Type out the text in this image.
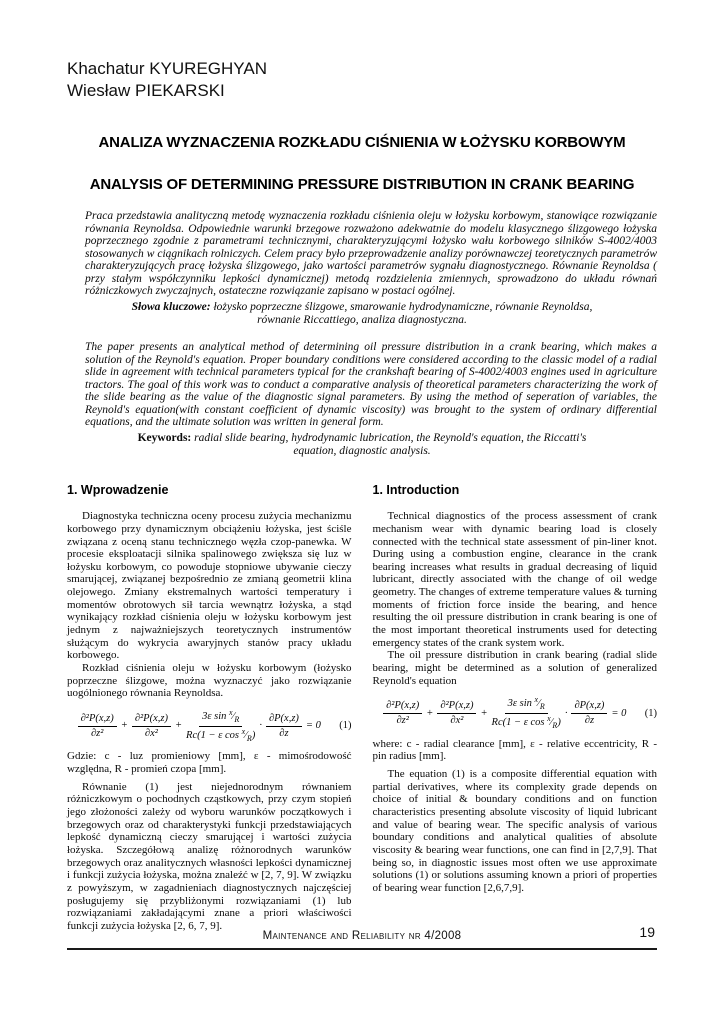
Khachatur KYUREGHYAN
Wiesław PIEKARSKI
ANALIZA WYZNACZENIA ROZKŁADU CIŚNIENIA W ŁOŻYSKU KORBOWYM
ANALYSIS OF DETERMINING PRESSURE DISTRIBUTION IN CRANK BEARING
Praca przedstawia analityczną metodę wyznaczenia rozkładu ciśnienia oleju w łożysku korbowym, stanowiące rozwiązanie równania Reynoldsa. Odpowiednie warunki brzegowe rozważono adekwatnie do modelu klasycznego ślizgowego łożyska poprzecznego zgodnie z parametrami technicznymi, charakteryzującymi łożysko wału korbowego silników S-4002/4003 stosowanych w ciągnikach rolniczych. Celem pracy było przeprowadzenie analizy porównawczej teoretycznych parametrów charakteryzujących pracę łożyska ślizgowego, jako wartości parametrów sygnału diagnostycznego. Równanie Reynoldsa ( przy stałym współczynniku lepkości dynamicznej) metodą rozdzielenia zmiennych, sprowadzono do układu równań różniczkowych zwyczajnych, ostateczne rozwiązanie zapisano w postaci ogólnej.
Słowa kluczowe: łożysko poprzeczne ślizgowe, smarowanie hydrodynamiczne, równanie Reynoldsa,
równanie Riccattiego, analiza diagnostyczna.
The paper presents an analytical method of determining oil pressure distribution in a crank bearing, which makes a solution of the Reynold's equation. Proper boundary conditions were considered according to the classic model of a radial slide in agreement with technical parameters typical for the crankshaft bearing of S-4002/4003 engines used in agriculture tractors. The goal of this work was to conduct a comparative analysis of theoretical parameters characterizing the work of the slide bearing as the value of the diagnostic signal parameters. By using the method of seperation of variables, the Reynold's equation(with constant coefficient of dynamic viscosity) was brought to the system of ordinary differential equations, and the ultimate solution was written in general form.
Keywords: radial slide bearing, hydrodynamic lubrication, the Reynold's equation, the Riccatti's
equation, diagnostic analysis.
1. Wprowadzenie

Diagnostyka techniczna oceny procesu zużycia mechanizmu korbowego przy dynamicznym obciążeniu łożyska, jest ściśle związana z oceną stanu technicznego węzła czop-panewka. W procesie eksploatacji silnika spalinowego zwiększa się luz w łożysku korbowym, co powoduje stopniowe ubywanie cieczy smarującej, związanej bezpośrednio ze zmianą geometrii klina olejowego. Zmiany ekstremalnych wartości temperatury i momentów obrotowych sił tarcia wewnątrz łożyska, a stąd wynikający rozkład ciśnienia oleju w łożysku korbowym jest jednym z najważniejszych teoretycznych instrumentów służącym do wykrycia awaryjnych stanów pracy układu korbowego.

Rozkład ciśnienia oleju w łożysku korbowym (łożysko poprzeczne ślizgowe, można wyznaczyć jako rozwiązanie uogólnionego równania Reynoldsa.

$\frac{\text{∂²P(x,z)}}{\text{∂z²}} + \frac{\text{∂²P(x,z)}}{\text{∂x²}} + \frac{3\varepsilon \sin ^x∕_R}{Rc(1 - \varepsilon \cos ^x∕_R)} \cdot \frac{\partial P(x,z)}{\partial z} = 0$ (1)

Gdzie: c - luz promieniowy [mm], ε - mimośrodowość względna, R - promień czopa [mm].

Równanie (1) jest niejednorodnym równaniem różniczkowym o pochodnych cząstkowych, przy czym stopień jego złożoności zależy od wyboru warunków początkowych i brzegowych oraz od charakterystyki funkcji przedstawiających lepkość dynamiczną cieczy smarującej i wartości zużycia łożyska. Szczegółową analizę różnorodnych warunków brzegowych oraz analitycznych własności lepkości dynamicznej i funkcji zużycia łożyska, można znaleźć w [2, 7, 9]. W związku z powyższym, w zagadnieniach diagnostycznych najczęściej posługujemy się przybliżonymi rozwiązaniami (1) lub rozwiązaniami zakładającymi znane a priori właściwości funkcji zużycia łożyska [2, 6, 7, 9].

1. Introduction

Technical diagnostics of the process assessment of crank mechanism wear with dynamic bearing load is closely connected with the technical state assessment of pin-liner knot. During using a combustion engine, clearance in the crank bearing increases what results in gradual decreasing of liquid lubricant, directly associated with the change of oil wedge geometry. The changes of extreme temperature values & turning moments of friction force inside the bearing, and hence resulting the oil pressure distribution in crank bearing is one of the most important theoretical instruments used for detecting emergency states of the crank system work.

The oil pressure distribution in crank bearing (radial slide bearing, might be determined as a solution of generalized Reynold's equation

$\frac{\text{∂²P(x,z)}}{\text{∂z²}} + \frac{\text{∂²P(x,z)}}{\text{∂x²}} + \frac{3\varepsilon \sin ^x∕_R}{Rc(1 - \varepsilon \cos ^x∕_R)} \cdot \frac{\partial P(x,z)}{\partial z} = 0$ (1)

where: c - radial clearance [mm], ε - relative eccentricity, R - pin radius [mm].

The equation (1) is a composite differential equation with partial derivatives, where its complexity grade depends on choice of initial & boundary conditions and on function characteristics presenting absolute viscosity of liquid lubricant and value of bearing wear. The specific analysis of various boundary conditions and analytical qualities of absolute viscosity & bearing wear functions, one can find in [2,7,9]. That being so, in diagnostic issues most often we use approximate solutions (1) or solutions assuming known a priori of properties of bearing wear function [2,6,7,9].

Maintenance and Reliability nr 4/2008	19
